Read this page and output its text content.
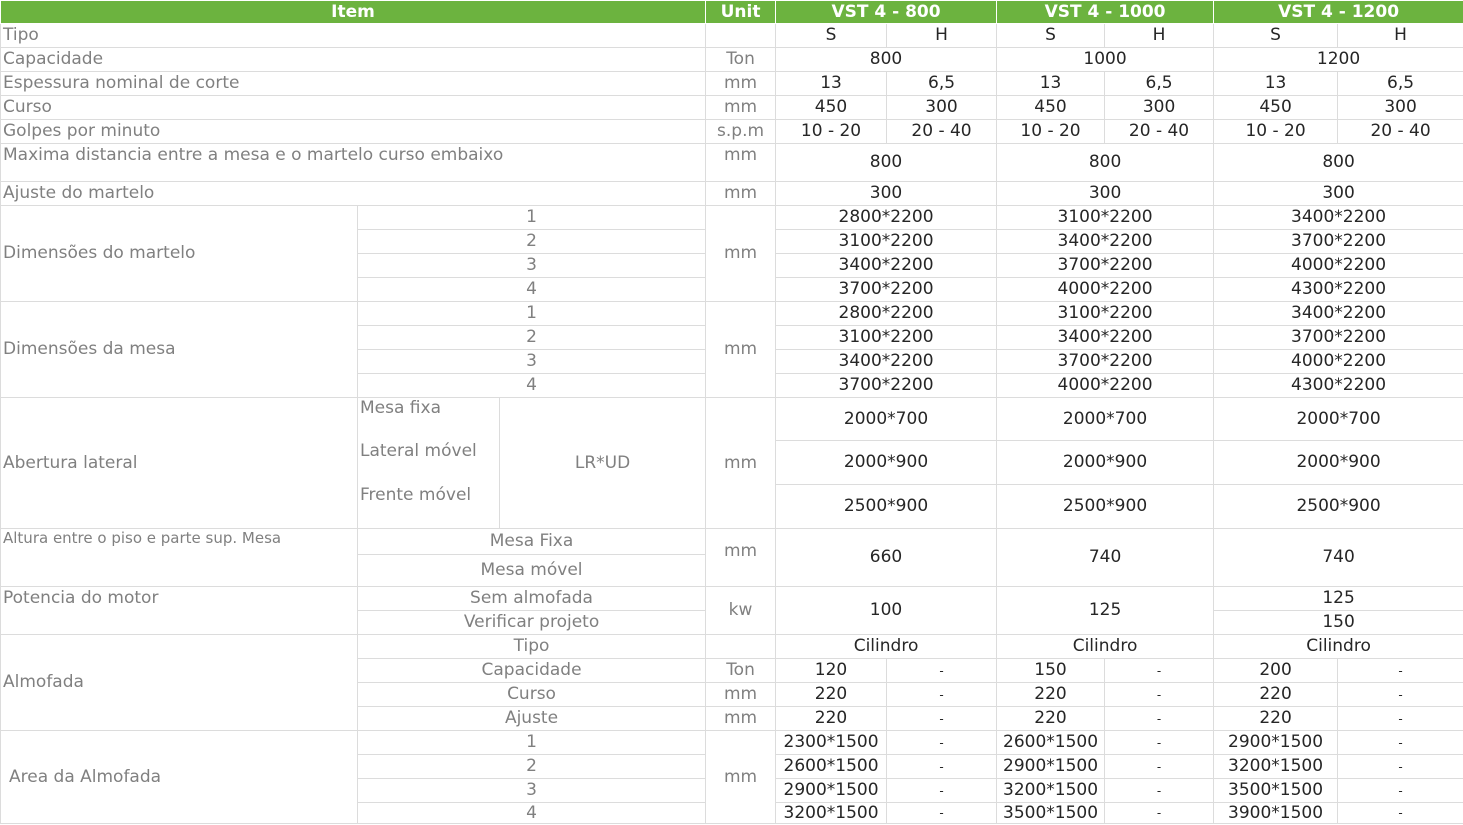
Item			Unit	VST 4 - 800		VST 4 - 1000		VST 4 - 1200	
Tipo				S	H	S	H	S	H
Capacidade			Ton	800		1000		1200	
Espessura nominal de corte			mm	13	6,5	13	6,5	13	6,5
Curso			mm	450	300	450	300	450	300
Golpes por minuto			s.p.m	10 - 20	20 - 40	10 - 20	20 - 40	10 - 20	20 - 40
Maxima distancia entre a mesa e o martelo curso embaixo			mm	800		800		800	
Ajuste do martelo			mm	300		300		300	
Dimensões do martelo	1		mm	2800*2200		3100*2200		3400*2200	
	2			3100*2200		3400*2200		3700*2200	
	3			3400*2200		3700*2200		4000*2200	
	4			3700*2200		4000*2200		4300*2200	
Dimensões da mesa	1		mm	2800*2200		3100*2200		3400*2200	
	2			3100*2200		3400*2200		3700*2200	
	3			3400*2200		3700*2200		4000*2200	
	4			3700*2200		4000*2200		4300*2200	
Abertura lateral	Mesa fixa	LR*UD	mm	2000*700		2000*700		2000*700	
	Lateral móvel			2000*900		2000*900		2000*900	
	Frente móvel			2500*900		2500*900		2500*900	
Altura entre o piso e parte sup. Mesa	Mesa Fixa		mm	660		740		740	
	Mesa móvel								
Potencia do motor	Sem almofada		kw	100		125		125	
	Verificar projeto							150	
Almofada	Tipo			Cilindro		Cilindro		Cilindro	
	Capacidade		Ton	120	-	150	-	200	-
	Curso		mm	220	-	220	-	220	-
	Ajuste		mm	220	-	220	-	220	-
Area da Almofada	1		mm	2300*1500	-	2600*1500	-	2900*1500	-
	2			2600*1500	-	2900*1500	-	3200*1500	-
	3			2900*1500	-	3200*1500	-	3500*1500	-
	4			3200*1500	-	3500*1500	-	3900*1500	-
